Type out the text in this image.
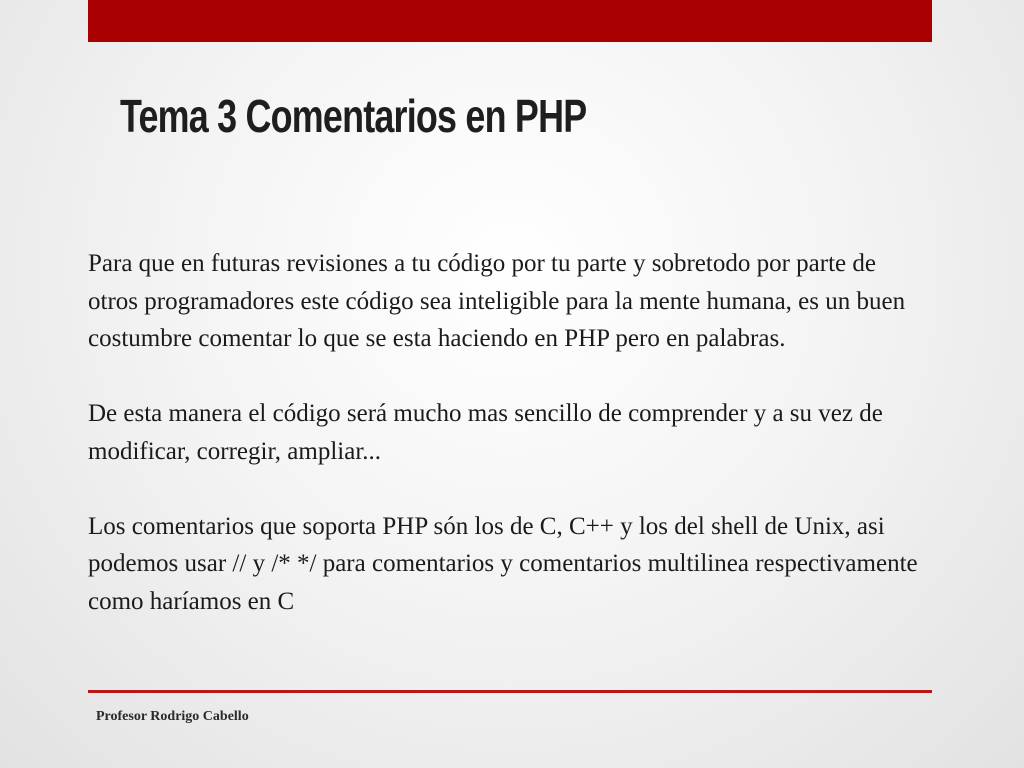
Tema 3 Comentarios en PHP

Para que en futuras revisiones a tu código por tu parte y sobretodo por parte de otros programadores este código sea inteligible para la mente humana, es un buen costumbre comentar lo que se esta haciendo en PHP pero en palabras.

De esta manera el código será mucho mas sencillo de comprender y a su vez de modificar, corregir, ampliar...

Los comentarios que soporta PHP són los de C, C++ y los del shell de Unix, asi podemos usar // y /* */ para comentarios y comentarios multilinea respectivamente como haríamos en C

Profesor Rodrigo Cabello
